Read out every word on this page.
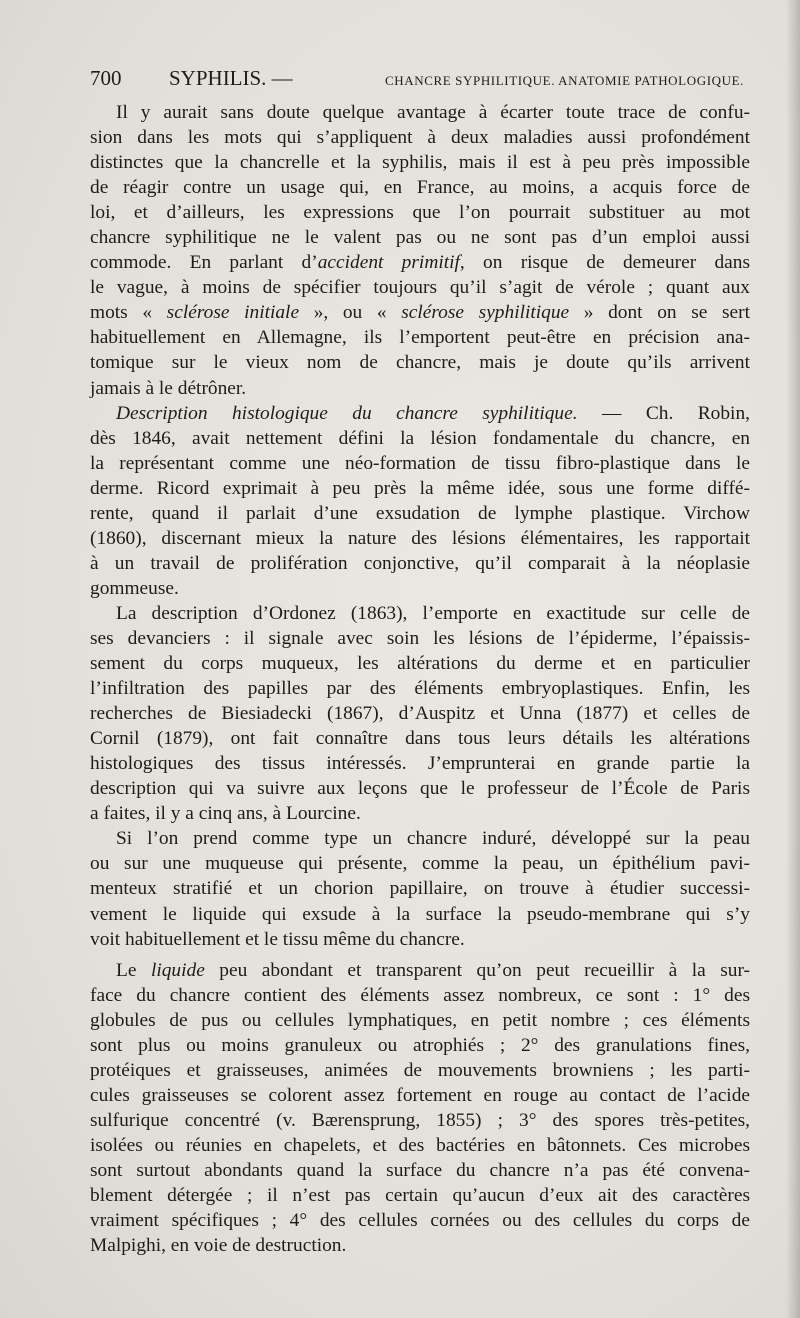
700 SYPHILIS. —	CHANCRE SYPHILITIQUE. ANATOMIE PATHOLOGIQUE.
Il y aurait sans doute quelque avantage à écarter toute trace de confu-
sion dans les mots qui s’appliquent à deux maladies aussi profondément
distinctes que la chancrelle et la syphilis, mais il est à peu près impossible
de réagir contre un usage qui, en France, au moins, a acquis force de
loi, et d’ailleurs, les expressions que l’on pourrait substituer au mot
chancre syphilitique ne le valent pas ou ne sont pas d’un emploi aussi
commode. En parlant d’accident primitif, on risque de demeurer dans
le vague, à moins de spécifier toujours qu’il s’agit de vérole ; quant aux
mots « sclérose initiale », ou « sclérose syphilitique » dont on se sert
habituellement en Allemagne, ils l’emportent peut-être en précision ana-
tomique sur le vieux nom de chancre, mais je doute qu’ils arrivent
jamais à le détrôner.
Description histologique du chancre syphilitique. — Ch. Robin,
dès 1846, avait nettement défini la lésion fondamentale du chancre, en
la représentant comme une néo-formation de tissu fibro-plastique dans le
derme. Ricord exprimait à peu près la même idée, sous une forme diffé-
rente, quand il parlait d’une exsudation de lymphe plastique. Virchow
(1860), discernant mieux la nature des lésions élémentaires, les rapportait
à un travail de prolifération conjonctive, qu’il comparait à la néoplasie
gommeuse.
La description d’Ordonez (1863), l’emporte en exactitude sur celle de
ses devanciers : il signale avec soin les lésions de l’épiderme, l’épaissis-
sement du corps muqueux, les altérations du derme et en particulier
l’infiltration des papilles par des éléments embryoplastiques. Enfin, les
recherches de Biesiadecki (1867), d’Auspitz et Unna (1877) et celles de
Cornil (1879), ont fait connaître dans tous leurs détails les altérations
histologiques des tissus intéressés. J’emprunterai en grande partie la
description qui va suivre aux leçons que le professeur de l’École de Paris
a faites, il y a cinq ans, à Lourcine.
Si l’on prend comme type un chancre induré, développé sur la peau
ou sur une muqueuse qui présente, comme la peau, un épithélium pavi-
menteux stratifié et un chorion papillaire, on trouve à étudier successi-
vement le liquide qui exsude à la surface la pseudo-membrane qui s’y
voit habituellement et le tissu même du chancre.
Le liquide peu abondant et transparent qu’on peut recueillir à la sur-
face du chancre contient des éléments assez nombreux, ce sont : 1° des
globules de pus ou cellules lymphatiques, en petit nombre ; ces éléments
sont plus ou moins granuleux ou atrophiés ; 2° des granulations fines,
protéiques et graisseuses, animées de mouvements browniens ; les parti-
cules graisseuses se colorent assez fortement en rouge au contact de l’acide
sulfurique concentré (v. Bærensprung, 1855) ; 3° des spores très-petites,
isolées ou réunies en chapelets, et des bactéries en bâtonnets. Ces microbes
sont surtout abondants quand la surface du chancre n’a pas été convena-
blement détergée ; il n’est pas certain qu’aucun d’eux ait des caractères
vraiment spécifiques ; 4° des cellules cornées ou des cellules du corps de
Malpighi, en voie de destruction.
